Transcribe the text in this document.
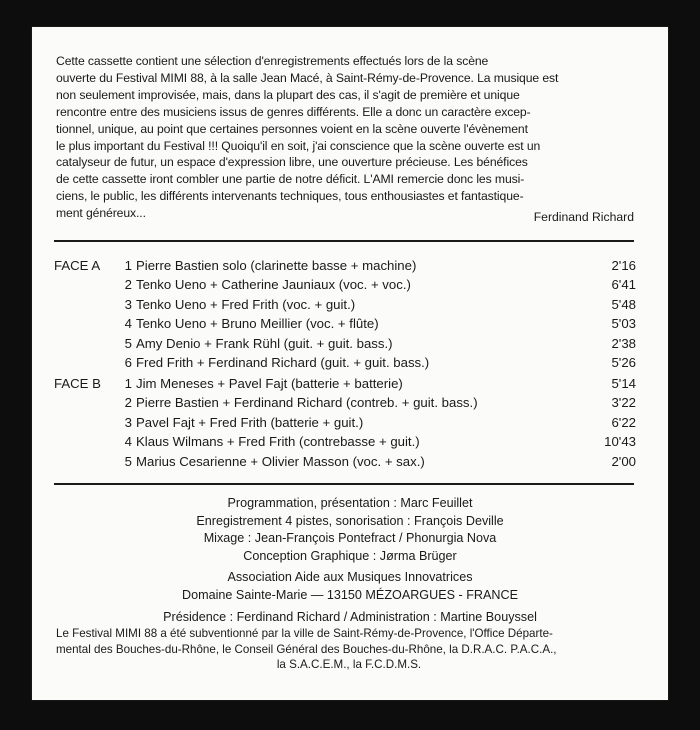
Cette cassette contient une sélection d'enregistrements effectués lors de la scène

ouverte du Festival MIMI 88, à la salle Jean Macé, à Saint-Rémy-de-Provence. La musique est

non seulement improvisée, mais, dans la plupart des cas, il s'agit de première et unique

rencontre entre des musiciens issus de genres différents. Elle a donc un caractère excep-

tionnel, unique, au point que certaines personnes voient en la scène ouverte l'évènement

le plus important du Festival !!! Quoiqu'il en soit, j'ai conscience que la scène ouverte est un

catalyseur de futur, un espace d'expression libre, une ouverture précieuse. Les bénéfices

de cette cassette iront combler une partie de notre déficit. L'AMI remercie donc les musi-

ciens, le public, les différents intervenants techniques, tous enthousiastes et fantastique-

ment généreux...	Ferdinand Richard
FACE A	1 Pierre Bastien solo (clarinette basse + machine)	2'16
2 Tenko Ueno + Catherine Jauniaux (voc. + voc.)	6'41
3 Tenko Ueno + Fred Frith (voc. + guit.)	5'48
4 Tenko Ueno + Bruno Meillier (voc. + flûte)	5'03
5 Amy Denio + Frank Rühl (guit. + guit. bass.)	2'38
6 Fred Frith + Ferdinand Richard (guit. + guit. bass.)	5'26
FACE B	1 Jim Meneses + Pavel Fajt (batterie + batterie)	5'14
2 Pierre Bastien + Ferdinand Richard (contreb. + guit. bass.)	3'22
3 Pavel Fajt + Fred Frith (batterie + guit.)	6'22
4 Klaus Wilmans + Fred Frith (contrebasse + guit.)	10'43
5 Marius Cesarienne + Olivier Masson (voc. + sax.)	2'00
Programmation, présentation : Marc Feuillet
Enregistrement 4 pistes, sonorisation : François Deville
Mixage : Jean-François Pontefract / Phonurgia Nova
Conception Graphique : Jørma Brüger
Association Aide aux Musiques Innovatrices
Domaine Sainte-Marie — 13150 MÉZOARGUES - FRANCE
Présidence : Ferdinand Richard / Administration : Martine Bouyssel
Le Festival MIMI 88 a été subventionné par la ville de Saint-Rémy-de-Provence, l'Office Départe-
mental des Bouches-du-Rhône, le Conseil Général des Bouches-du-Rhône, la D.R.A.C. P.A.C.A.,
la S.A.C.E.M., la F.C.D.M.S.
